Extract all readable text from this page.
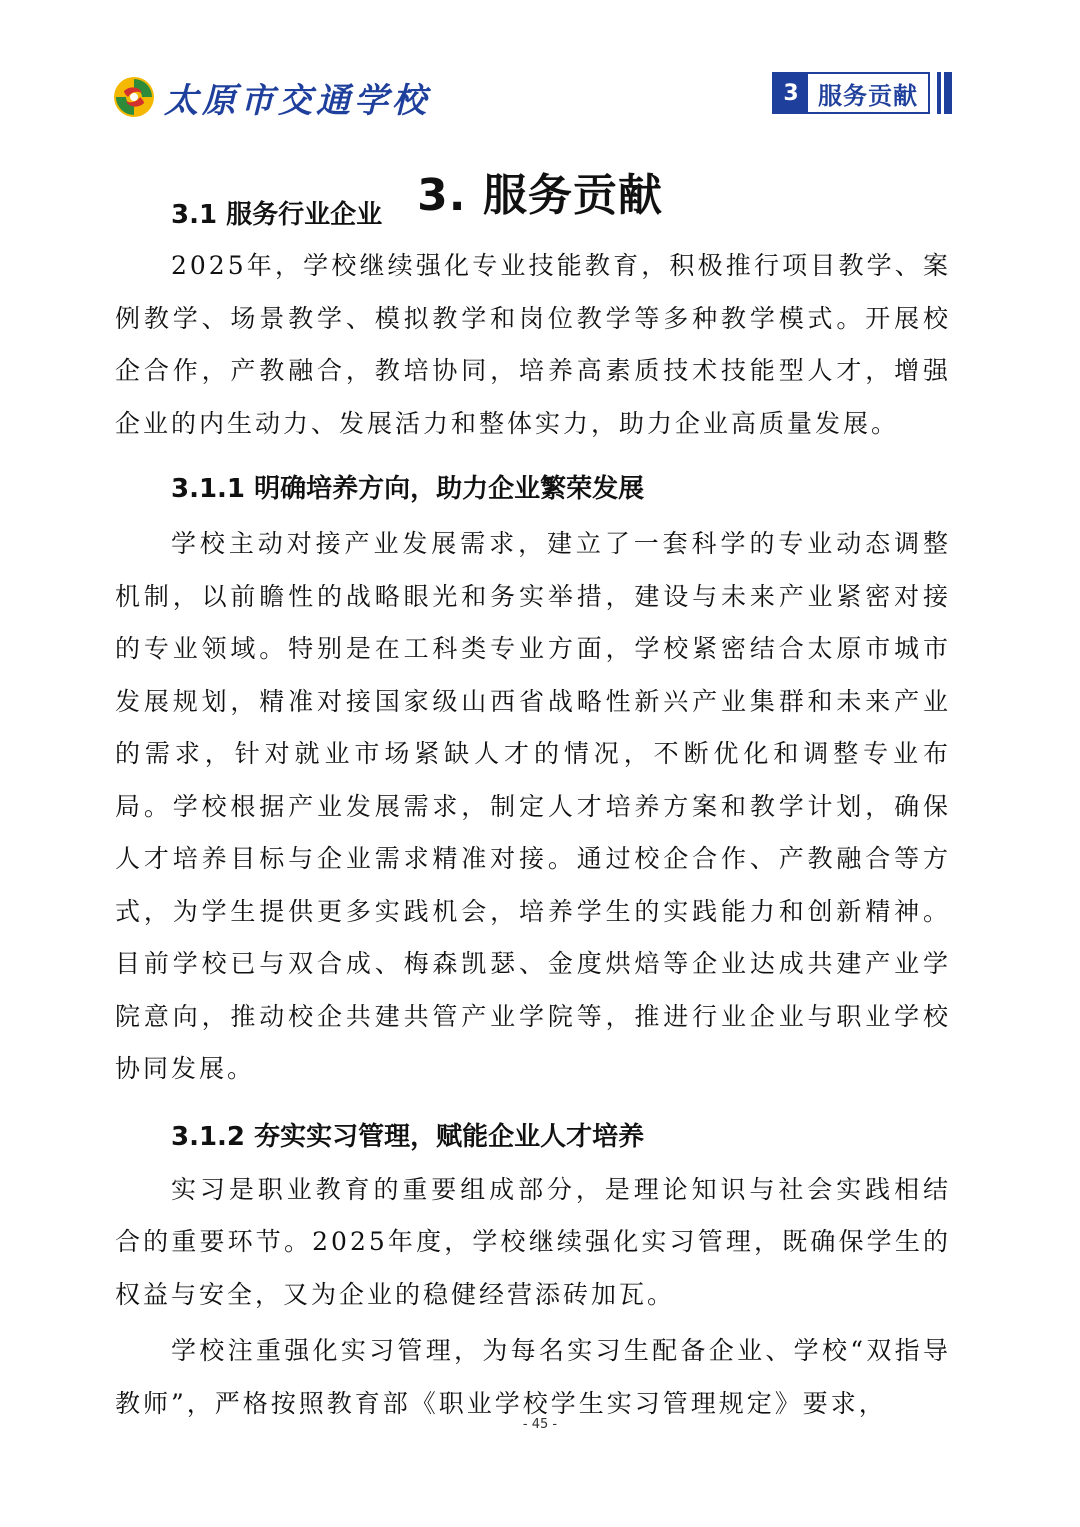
太原市交通学校	3 服务贡献
3. 服务贡献
3.1 服务行业企业

2025年，学校继续强化专业技能教育，积极推行项目教学、案例教学、场景教学、模拟教学和岗位教学等多种教学模式。开展校企合作，产教融合，教培协同，培养高素质技术技能型人才，增强企业的内生动力、发展活力和整体实力，助力企业高质量发展。

3.1.1 明确培养方向，助力企业繁荣发展

学校主动对接产业发展需求，建立了一套科学的专业动态调整机制，以前瞻性的战略眼光和务实举措，建设与未来产业紧密对接的专业领域。特别是在工科类专业方面，学校紧密结合太原市城市发展规划，精准对接国家级山西省战略性新兴产业集群和未来产业的需求，针对就业市场紧缺人才的情况，不断优化和调整专业布局。学校根据产业发展需求，制定人才培养方案和教学计划，确保人才培养目标与企业需求精准对接。通过校企合作、产教融合等方式，为学生提供更多实践机会，培养学生的实践能力和创新精神。目前学校已与双合成、梅森凯瑟、金度烘焙等企业达成共建产业学院意向，推动校企共建共管产业学院等，推进行业企业与职业学校协同发展。

3.1.2 夯实实习管理，赋能企业人才培养

实习是职业教育的重要组成部分，是理论知识与社会实践相结合的重要环节。2025年度，学校继续强化实习管理，既确保学生的权益与安全，又为企业的稳健经营添砖加瓦。

学校注重强化实习管理，为每名实习生配备企业、学校“双指导教师”，严格按照教育部《职业学校学生实习管理规定》要求，

- 45 -
